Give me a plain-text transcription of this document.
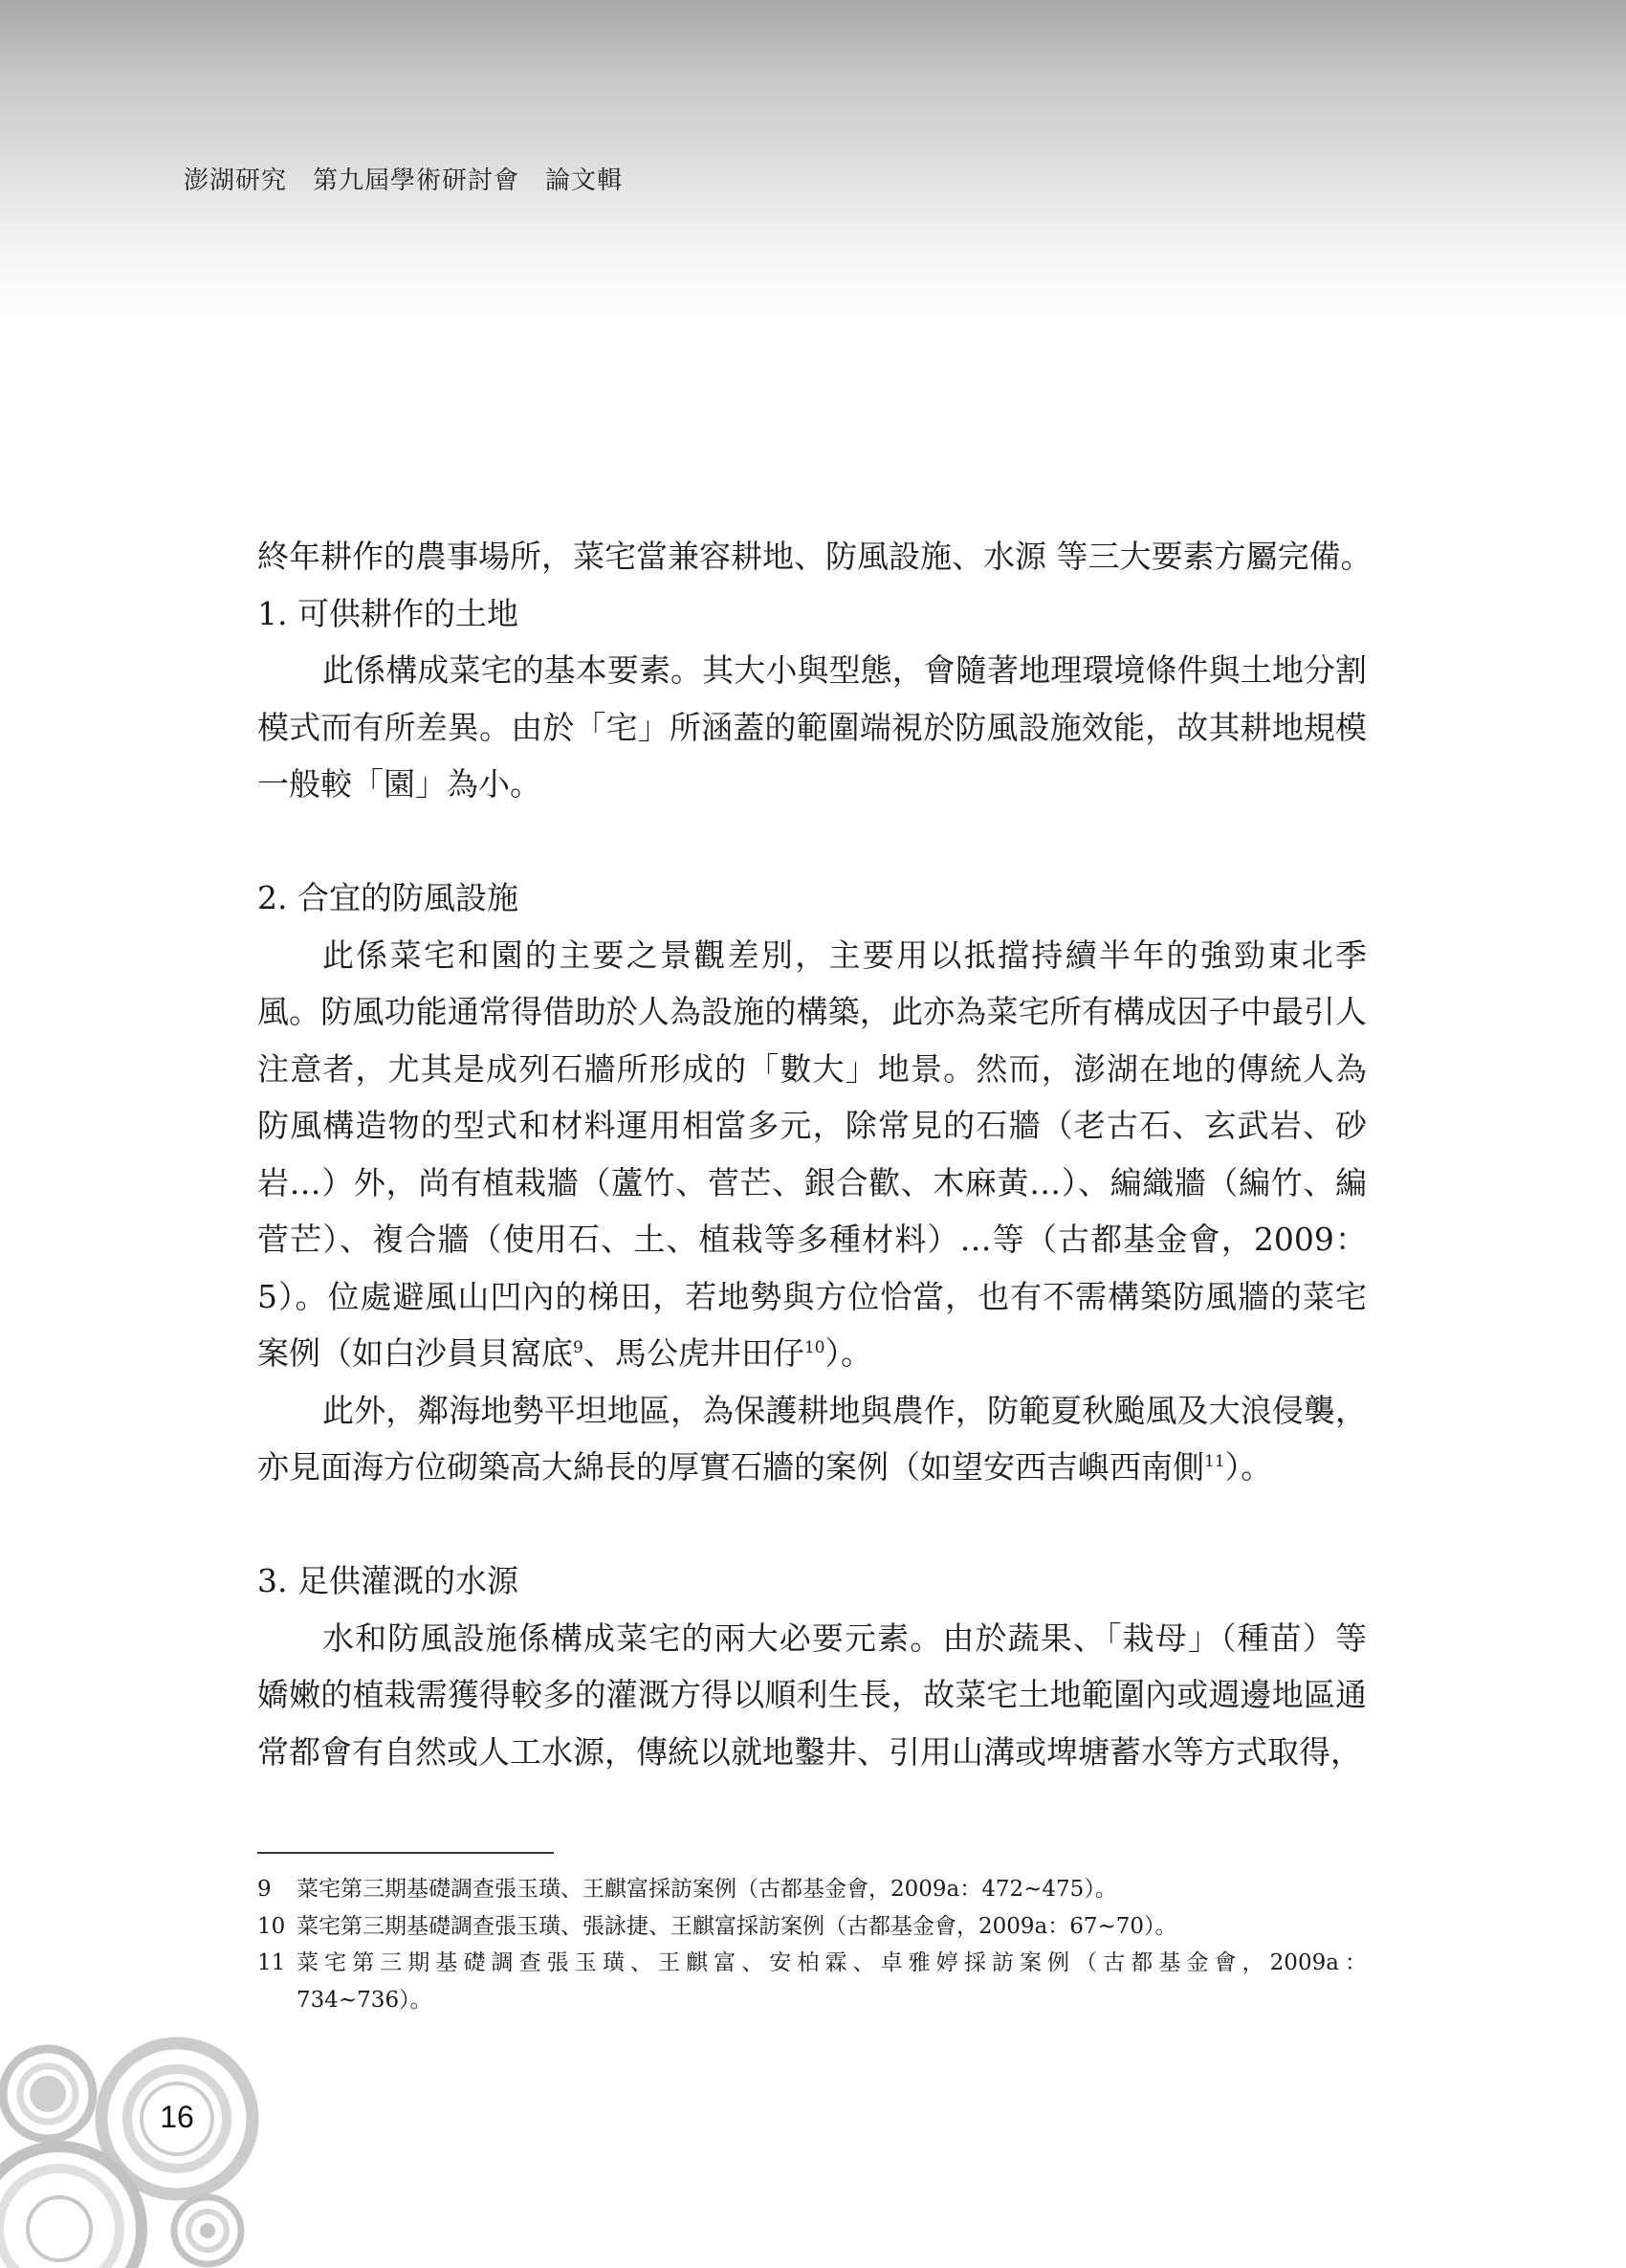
澎湖研究　第九屆學術研討會　論文輯
終年耕作的農事場所，菜宅當兼容耕地、防風設施、水源 等三大要素方屬完備。
1. 可供耕作的土地
此係構成菜宅的基本要素。其大小與型態，會隨著地理環境條件與土地分割
模式而有所差異。由於「宅」所涵蓋的範圍端視於防風設施效能，故其耕地規模
一般較「園」為小。
2. 合宜的防風設施
此係菜宅和園的主要之景觀差別，主要用以抵擋持續半年的強勁東北季
風。防風功能通常得借助於人為設施的構築，此亦為菜宅所有構成因子中最引人
注意者，尤其是成列石牆所形成的「數大」地景。然而，澎湖在地的傳統人為
防風構造物的型式和材料運用相當多元，除常見的石牆（老古石、玄武岩、砂
岩…）外，尚有植栽牆（蘆竹、菅芒、銀合歡、木麻黃…）、編織牆（編竹、編
菅芒）、複合牆（使用石、土、植栽等多種材料）…等（古都基金會，2009：
5）。位處避風山凹內的梯田，若地勢與方位恰當，也有不需構築防風牆的菜宅
案例（如白沙員貝窩底$^9$、馬公虎井田仔$^{10}$）。
此外，鄰海地勢平坦地區，為保護耕地與農作，防範夏秋颱風及大浪侵襲，
亦見面海方位砌築高大綿長的厚實石牆的案例（如望安西吉嶼西南側$^{11}$）。
3. 足供灌溉的水源
水和防風設施係構成菜宅的兩大必要元素。由於蔬果、「栽母」（種苗）等
嬌嫩的植栽需獲得較多的灌溉方得以順利生長，故菜宅土地範圍內或週邊地區通
常都會有自然或人工水源，傳統以就地鑿井、引用山溝或埤塘蓄水等方式取得，
9	菜宅第三期基礎調查張玉璜、王麒富採訪案例（古都基金會，2009a：472~475）。
10 菜宅第三期基礎調查張玉璜、張詠捷、王麒富採訪案例（古都基金會，2009a：67~70）。
11 菜宅第三期基礎調查張玉璜、王麒富、安柏霖、卓雅婷採訪案例（古都基金會，2009a：
734~736）。
16
